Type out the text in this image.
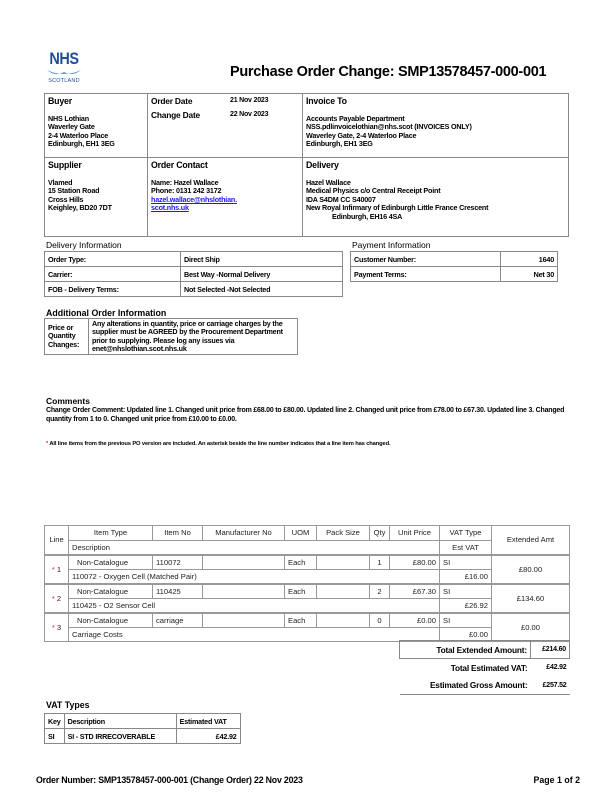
NHS
SCOTLAND
Purchase Order Change: SMP13578457-000-001
Buyer
NHS Lothian
Waverley Gate
2-4 Waterloo Place
Edinburgh, EH1 3EG
Order Date	21 Nov 2023
Change Date	22 Nov 2023
Invoice To
Accounts Payable Department
NSS.pdlinvoicelothian@nhs.scot (INVOICES ONLY)
Waverley Gate, 2-4 Waterloo Place
Edinburgh, EH1 3EG
Supplier
Vlamed
15 Station Road
Cross Hills
Keighley, BD20 7DT
Order Contact
Name: Hazel Wallace
Phone: 0131 242 3172
hazel.wallace@nhslothian.
scot.nhs.uk
Delivery
Hazel Wallace
Medical Physics c/o Central Receipt Point
IDA S4DM CC S40007
New Royal Infirmary of Edinburgh Little France Crescent
Edinburgh, EH16 4SA
Delivery Information
Order Type:	Direct Ship
Carrier:	Best Way -Normal Delivery
FOB - Delivery Terms:	Not Selected -Not Selected
Payment Information
Customer Number:	1640
Payment Terms:	Net 30
Additional Order Information
Price or
Quantity
Changes:
	Any alterations in quantity, price or carriage charges by the supplier must be AGREED by the Procurement Department prior to supplying. Please log any issues via enet@nhslothian.scot.nhs.uk
Comments
Change Order Comment: Updated line 1. Changed unit price from £68.00 to £80.00. Updated line 2. Changed unit price from £78.00 to £67.30. Updated line 3. Changed quantity from 1 to 0. Changed unit price from £10.00 to £0.00.
* All line items from the previous PO version are included. An asterisk beside the line number indicates that a line item has changed.
Line	Item Type	Item No	Manufacturer No	UOM	Pack Size	Qty	Unit Price	VAT Type	Extended Amt
	Description							Est VAT	
* 1	Non-Catalogue	110072		Each		1	£80.00	SI	£80.00
	110072 - Oxygen Cell (Matched Pair)							£16.00	
* 2	Non-Catalogue	110425		Each		2	£67.30	SI	£134.60
	110425 - O2 Sensor Cell							£26.92	
* 3	Non-Catalogue	carriage		Each		0	£0.00	SI	£0.00
	Carriage Costs							£0.00	
Total Extended Amount:	£214.60
Total Estimated VAT:	£42.92
Estimated Gross Amount:	£257.52
VAT Types
Key	Description	Estimated VAT
SI	SI - STD IRRECOVERABLE	£42.92
Order Number: SMP13578457-000-001 (Change Order) 22 Nov 2023	Page 1 of 2
